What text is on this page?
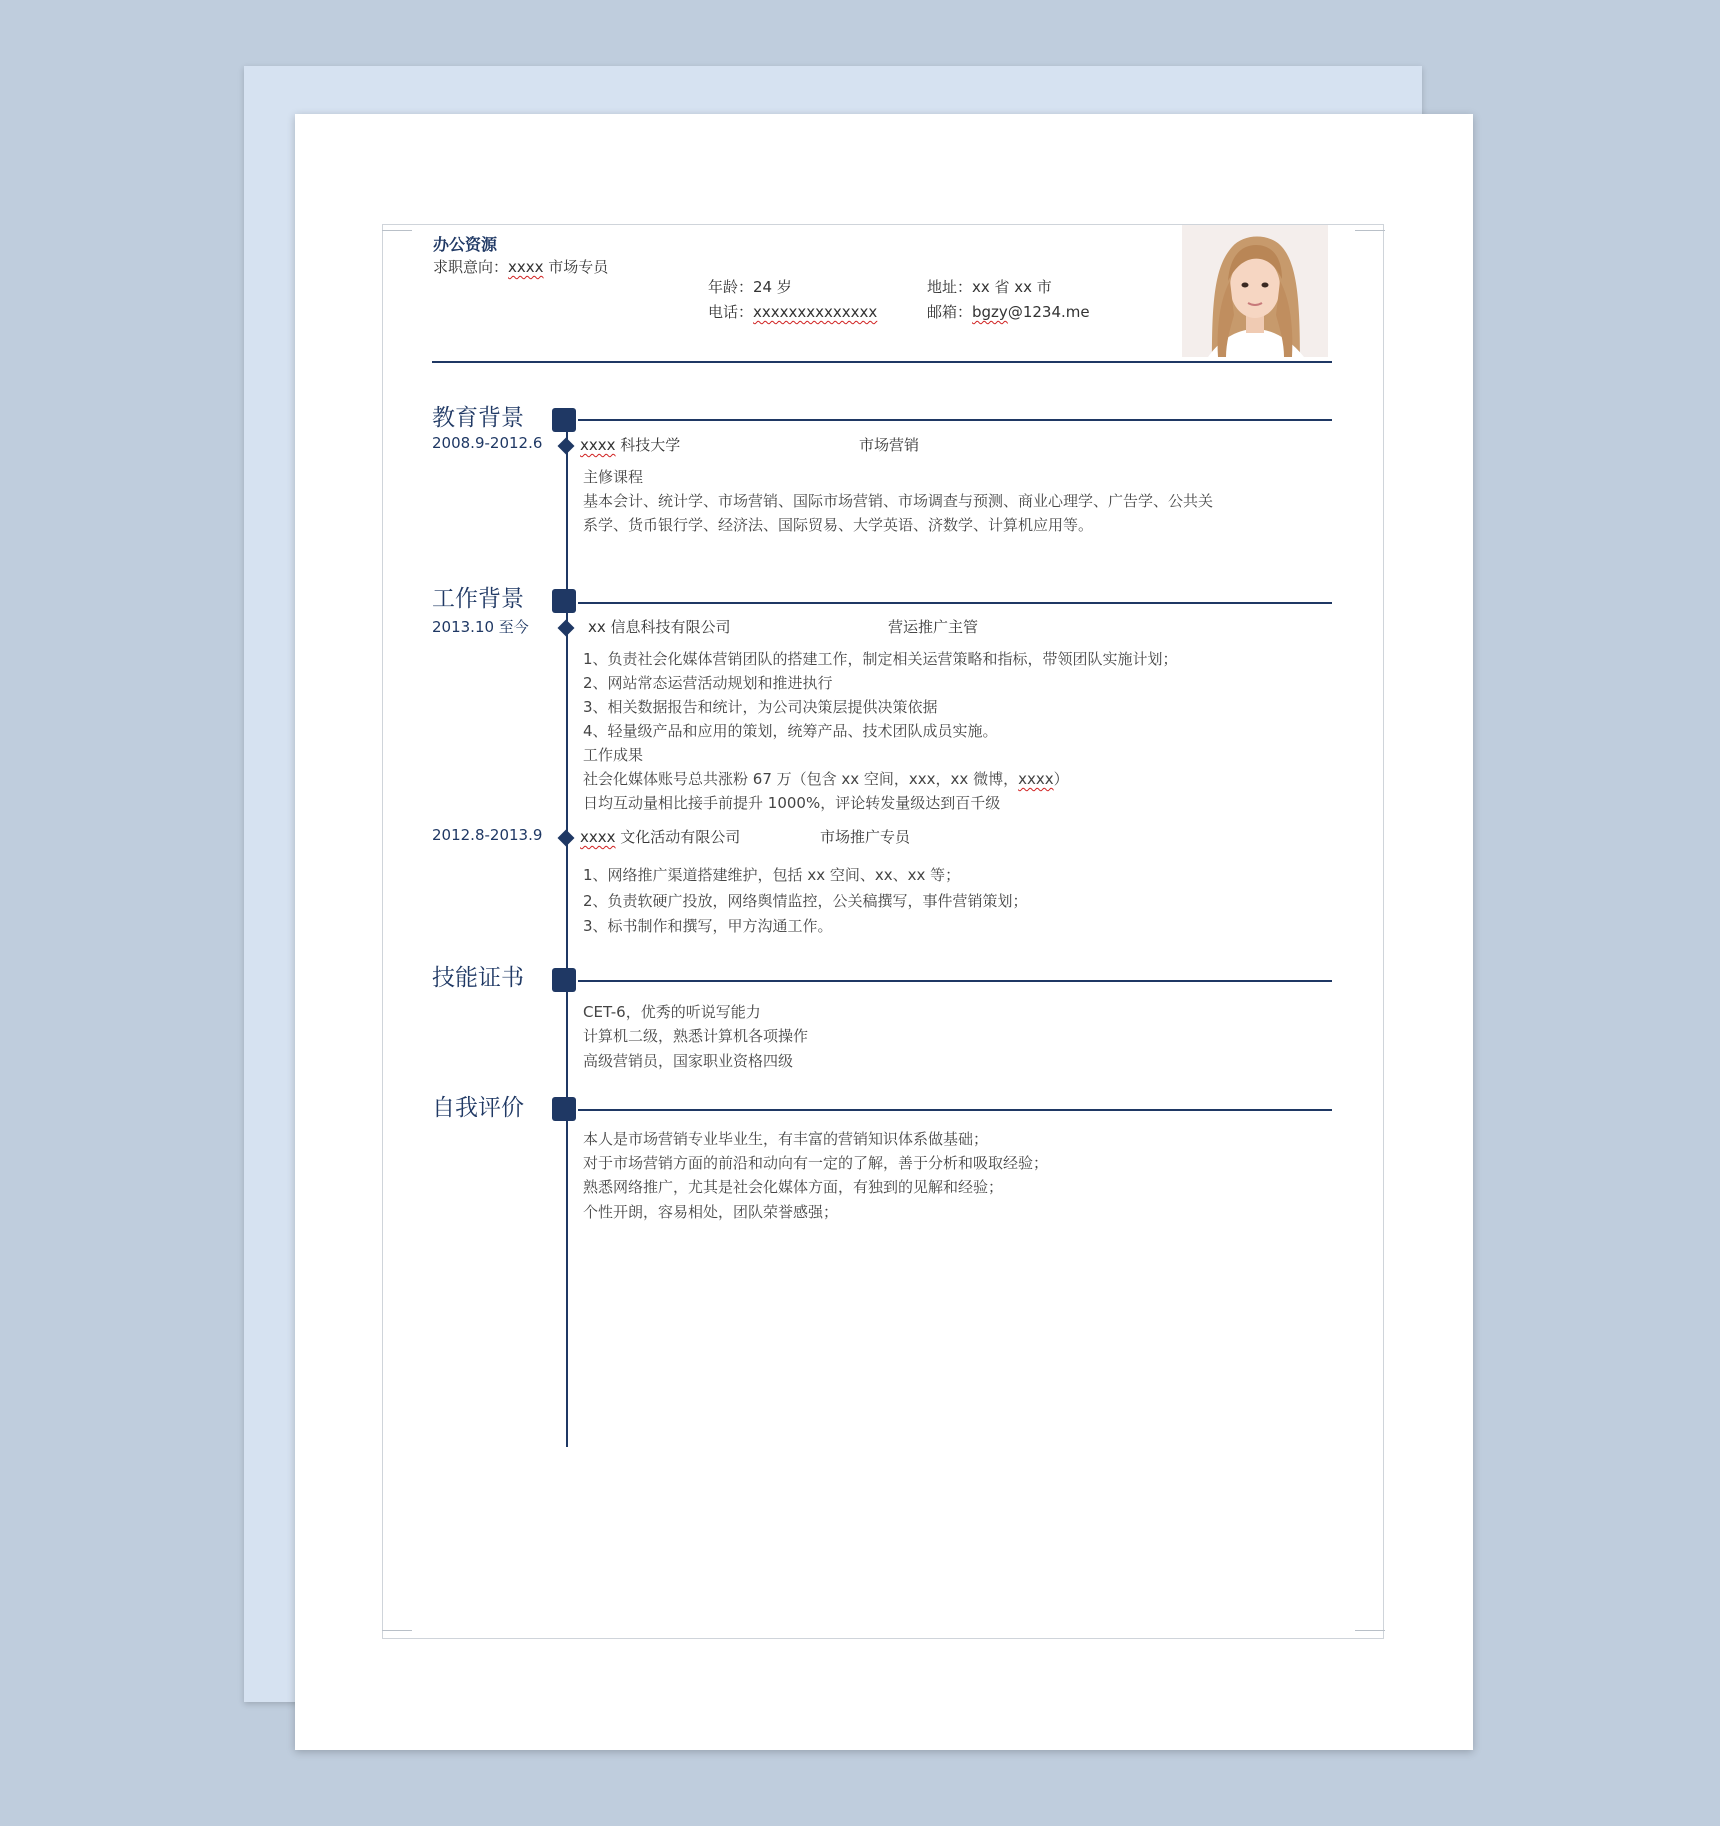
办公资源
求职意向：xxxx 市场专员
年龄：24 岁
电话：xxxxxxxxxxxxxx
地址：xx 省 xx 市
邮箱：bgzy@1234.me
教育背景
2008.9-2012.6	xxxx 科技大学	市场营销
主修课程
基本会计、统计学、市场营销、国际市场营销、市场调查与预测、商业心理学、广告学、公共关
系学、货币银行学、经济法、国际贸易、大学英语、济数学、计算机应用等。
工作背景
2013.10 至今	xx 信息科技有限公司	营运推广主管
1、负责社会化媒体营销团队的搭建工作，制定相关运营策略和指标，带领团队实施计划；
2、网站常态运营活动规划和推进执行
3、相关数据报告和统计，为公司决策层提供决策依据
4、轻量级产品和应用的策划，统筹产品、技术团队成员实施。
工作成果
社会化媒体账号总共涨粉 67 万（包含 xx 空间，xxx，xx 微博，xxxx）
日均互动量相比接手前提升 1000%，评论转发量级达到百千级
2012.8-2013.9	xxxx 文化活动有限公司	市场推广专员
1、网络推广渠道搭建维护，包括 xx 空间、xx、xx 等；
2、负责软硬广投放，网络舆情监控，公关稿撰写，事件营销策划；
3、标书制作和撰写，甲方沟通工作。
技能证书
CET-6，优秀的听说写能力
计算机二级，熟悉计算机各项操作
高级营销员，国家职业资格四级
自我评价
本人是市场营销专业毕业生，有丰富的营销知识体系做基础；
对于市场营销方面的前沿和动向有一定的了解，善于分析和吸取经验；
熟悉网络推广，尤其是社会化媒体方面，有独到的见解和经验；
个性开朗，容易相处，团队荣誉感强；
